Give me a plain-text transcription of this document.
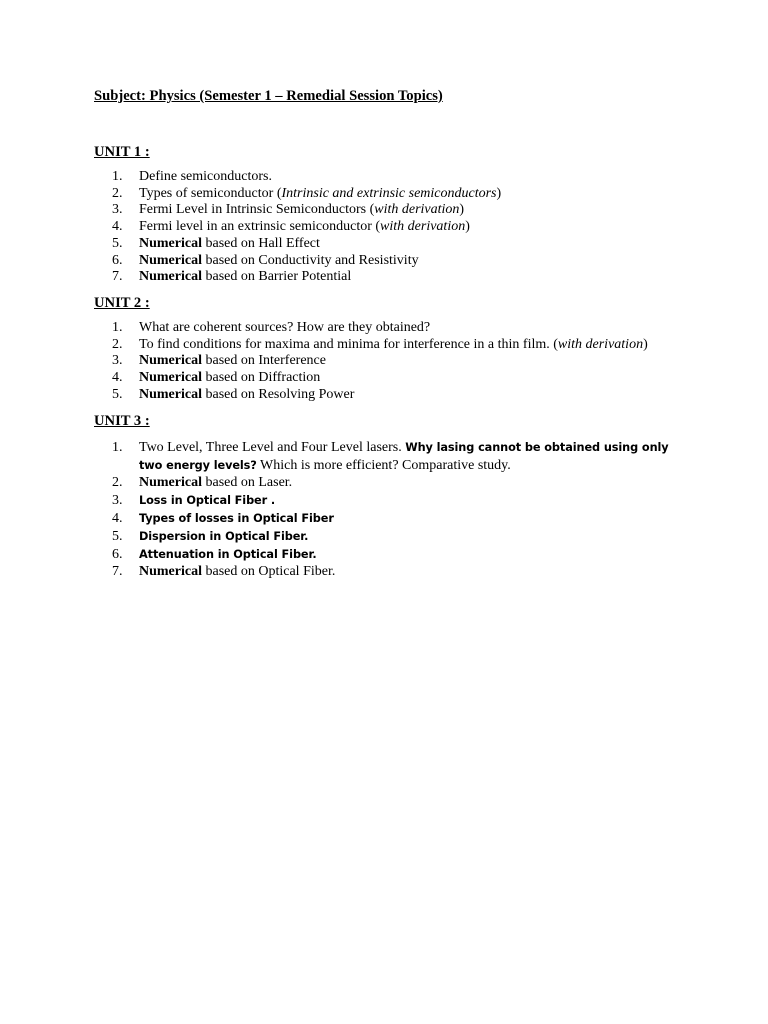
Subject: Physics (Semester 1 – Remedial Session Topics)
UNIT 1 :
1.	Define semiconductors.
2.	Types of semiconductor (Intrinsic and extrinsic semiconductors)
3.	Fermi Level in Intrinsic Semiconductors (with derivation)
4.	Fermi level in an extrinsic semiconductor (with derivation)
5.	Numerical based on Hall Effect
6.	Numerical based on Conductivity and Resistivity
7.	Numerical based on Barrier Potential
UNIT 2 :
1.	What are coherent sources? How are they obtained?
2.	To find conditions for maxima and minima for interference in a thin film. (with derivation)
3.	Numerical based on Interference
4.	Numerical based on Diffraction
5.	Numerical based on Resolving Power
UNIT 3 :
1.	Two Level, Three Level and Four Level lasers. Why lasing cannot be obtained using only
two energy levels? Which is more efficient? Comparative study.
2.	Numerical based on Laser.
3.	Loss in Optical Fiber .
4.	Types of losses in Optical Fiber
5.	Dispersion in Optical Fiber.
6.	Attenuation in Optical Fiber.
7.	Numerical based on Optical Fiber.
